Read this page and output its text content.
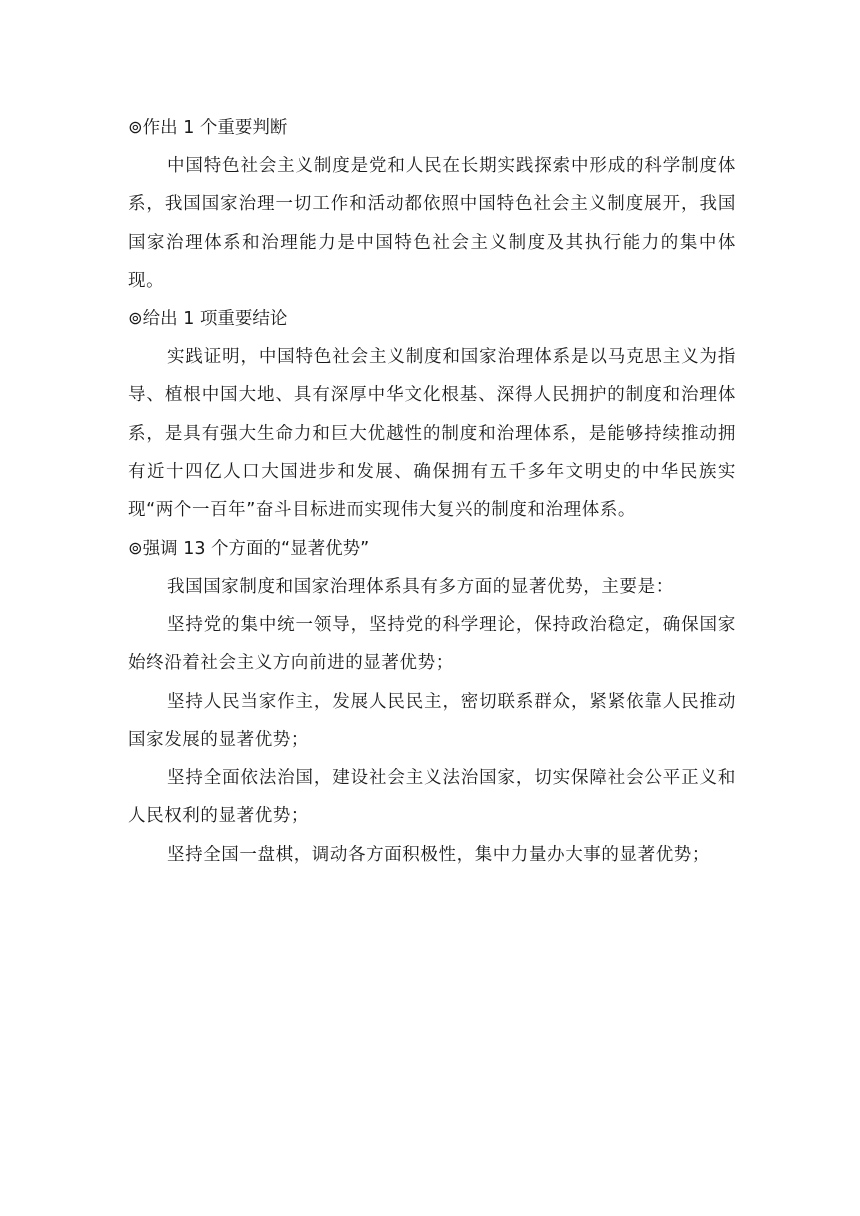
⊚作出 1 个重要判断

中国特色社会主义制度是党和人民在长期实践探索中形成的科学制度体系，我国国家治理一切工作和活动都依照中国特色社会主义制度展开，我国国家治理体系和治理能力是中国特色社会主义制度及其执行能力的集中体现。

⊚给出 1 项重要结论

实践证明，中国特色社会主义制度和国家治理体系是以马克思主义为指导、植根中国大地、具有深厚中华文化根基、深得人民拥护的制度和治理体系，是具有强大生命力和巨大优越性的制度和治理体系，是能够持续推动拥有近十四亿人口大国进步和发展、确保拥有五千多年文明史的中华民族实现“两个一百年”奋斗目标进而实现伟大复兴的制度和治理体系。

⊚强调 13 个方面的“显著优势”

我国国家制度和国家治理体系具有多方面的显著优势，主要是：

坚持党的集中统一领导，坚持党的科学理论，保持政治稳定，确保国家始终沿着社会主义方向前进的显著优势；

坚持人民当家作主，发展人民民主，密切联系群众，紧紧依靠人民推动国家发展的显著优势；

坚持全面依法治国，建设社会主义法治国家，切实保障社会公平正义和人民权利的显著优势；

坚持全国一盘棋，调动各方面积极性，集中力量办大事的显著优势；
